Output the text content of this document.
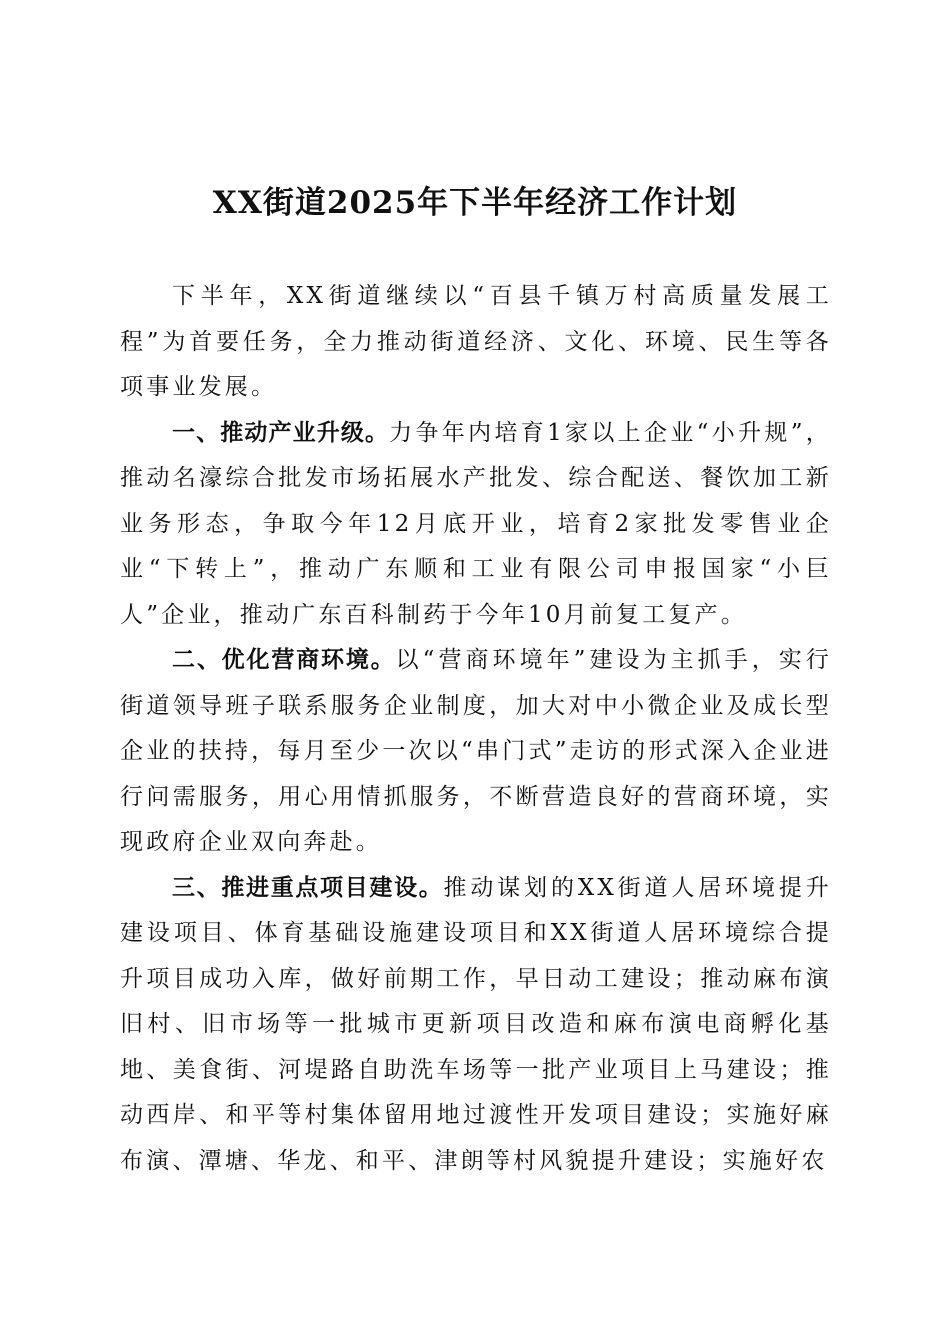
XX街道2025年下半年经济工作计划

下半年，XX街道继续以“百县千镇万村高质量发展工程”为首要任务，全力推动街道经济、文化、环境、民生等各项事业发展。

一、推动产业升级。力争年内培育1家以上企业“小升规”，推动名濠综合批发市场拓展水产批发、综合配送、餐饮加工新业务形态，争取今年12月底开业，培育2家批发零售业企业“下转上”，推动广东顺和工业有限公司申报国家“小巨人”企业，推动广东百科制药于今年10月前复工复产。

二、优化营商环境。以“营商环境年”建设为主抓手，实行街道领导班子联系服务企业制度，加大对中小微企业及成长型企业的扶持，每月至少一次以“串门式”走访的形式深入企业进行问需服务，用心用情抓服务，不断营造良好的营商环境，实现政府企业双向奔赴。

三、推进重点项目建设。推动谋划的XX街道人居环境提升建设项目、体育基础设施建设项目和XX街道人居环境综合提升项目成功入库，做好前期工作，早日动工建设；推动麻布演旧村、旧市场等一批城市更新项目改造和麻布演电商孵化基地、美食街、河堤路自助洗车场等一批产业项目上马建设；推动西岸、和平等村集体留用地过渡性开发项目建设；实施好麻布演、潭塘、华龙、和平、津朗等村风貌提升建设；实施好农
